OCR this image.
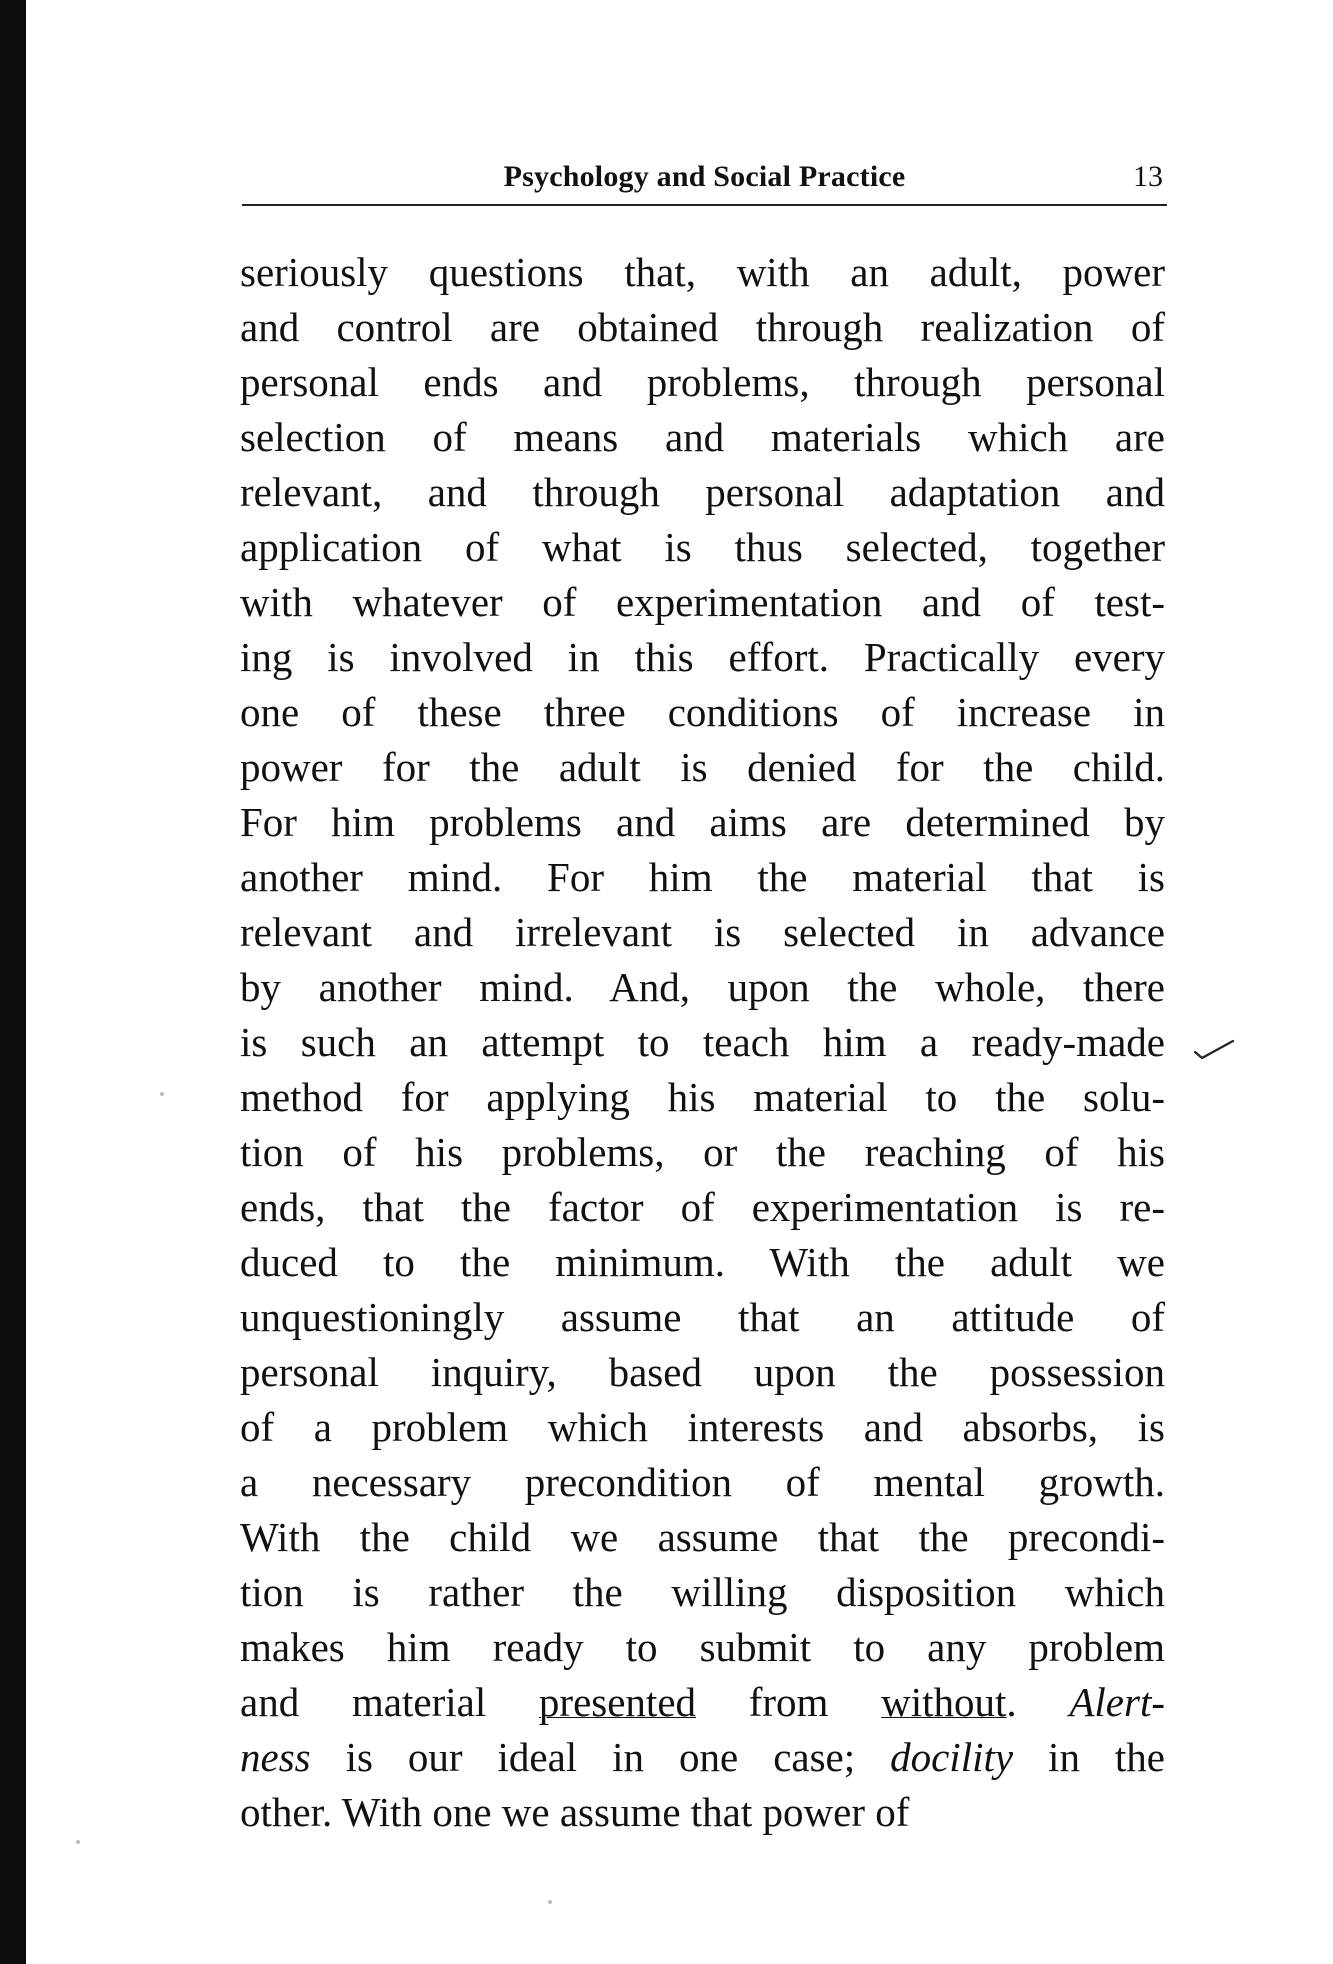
Psychology and Social Practice	13
seriously questions that, with an adult, power
and control are obtained through realization of
personal ends and problems, through personal
selection of means and materials which are
relevant, and through personal adaptation and
application of what is thus selected, together
with whatever of experimentation and of test-
ing is involved in this effort. Practically every
one of these three conditions of increase in
power for the adult is denied for the child.
For him problems and aims are determined by
another mind. For him the material that is
relevant and irrelevant is selected in advance
by another mind. And, upon the whole, there
is such an attempt to teach him a ready-made
method for applying his material to the solu-
tion of his problems, or the reaching of his
ends, that the factor of experimentation is re-
duced to the minimum. With the adult we
unquestioningly assume that an attitude of
personal inquiry, based upon the possession
of a problem which interests and absorbs, is
a necessary precondition of mental growth.
With the child we assume that the precondi-
tion is rather the willing disposition which
makes him ready to submit to any problem
and material presented from without. Alert-
ness is our ideal in one case; docility in the
other. With one we assume that power of
